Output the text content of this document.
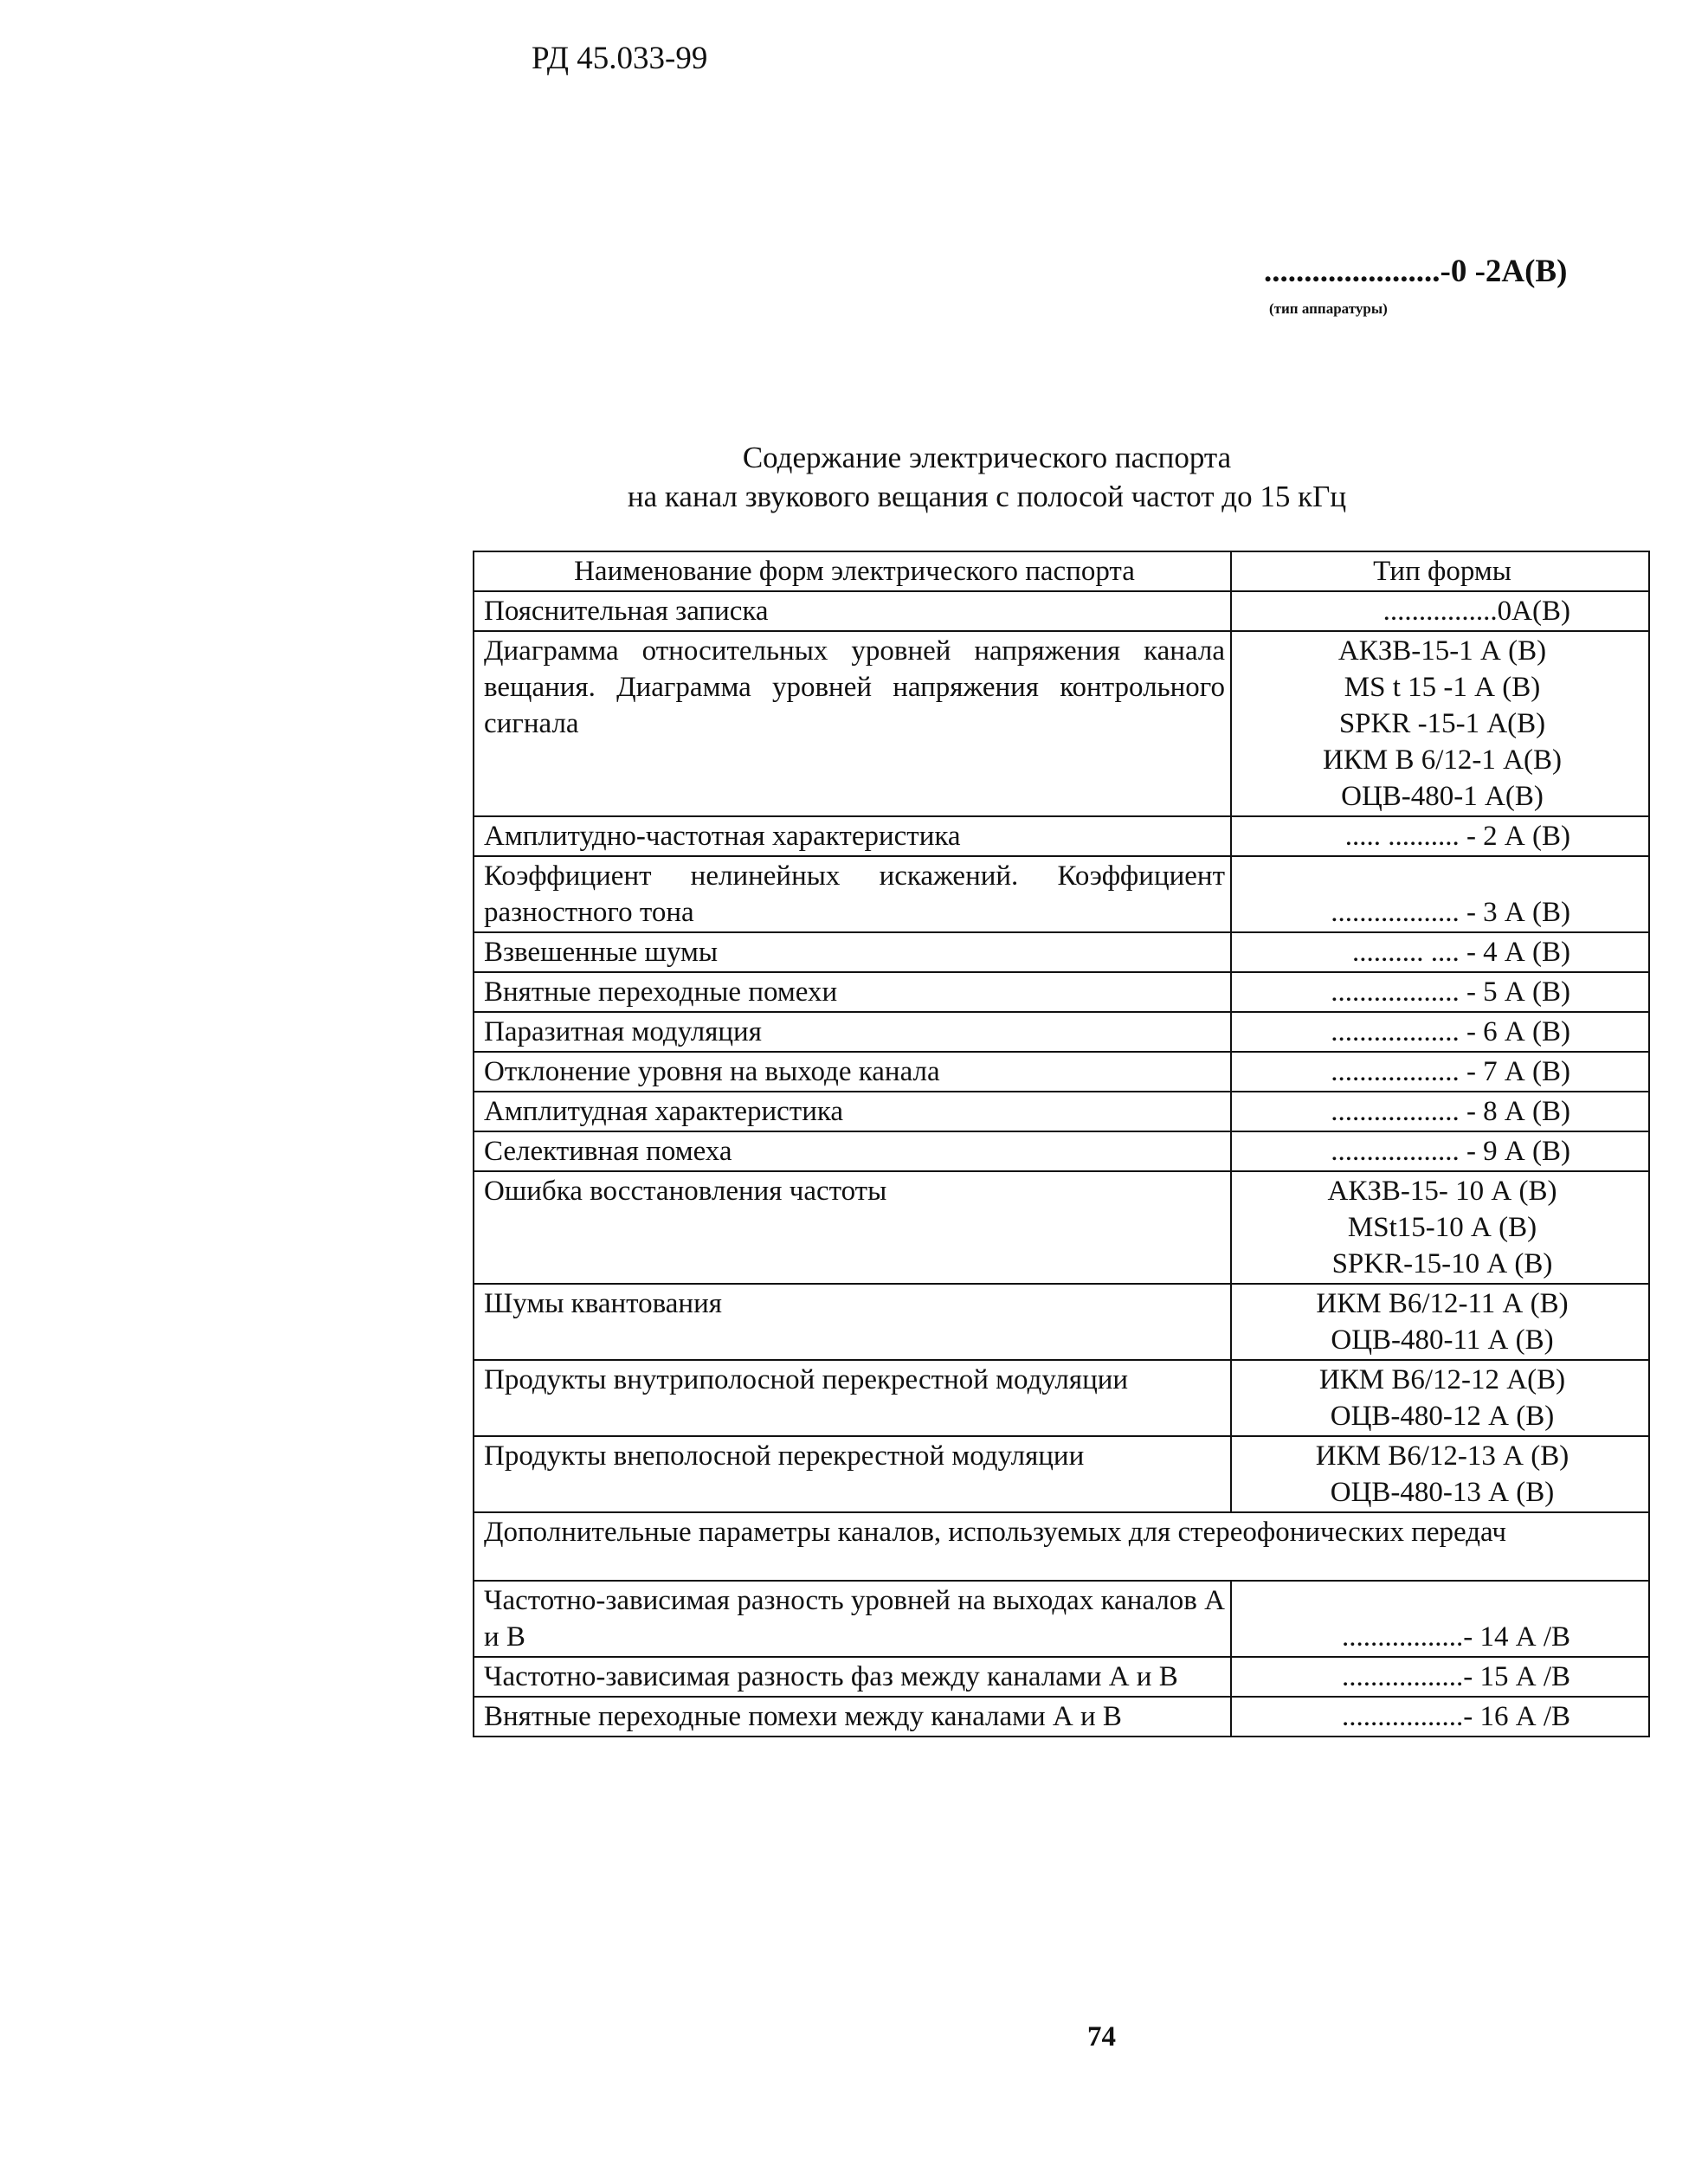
РД 45.033-99
......................-0 -2А(В)
(тип аппаратуры)
Содержание электрического паспорта
на канал звукового вещания с полосой частот до 15 кГц
Наименование форм электрического паспорта	Тип формы
Пояснительная записка	................0А(В)
Диаграмма относительных уровней напряжения канала вещания. Диаграмма уровней напряжения контрольного сигнала	АКЗВ-15-1 А (В)
MS t 15 -1 А (В)
SPKR -15-1 А(В)
ИКМ В 6/12-1 А(В)
ОЦВ-480-1 А(В)

Амплитудно-частотная характеристика	..... .......... - 2 А (В)
Коэффициент нелинейных искажений. Коэффициент разностного тона	.................. - 3 А (В)
Взвешенные шумы	.......... .... - 4 А (В)
Внятные переходные помехи	.................. - 5 А (В)
Паразитная модуляция	.................. - 6 А (В)
Отклонение уровня на выходе канала	.................. - 7 А (В)
Амплитудная характеристика	.................. - 8 А (В)
Селективная помеха	.................. - 9 А (В)
Ошибка восстановления частоты	АКЗВ-15- 10 А (В)
MSt15-10 А (В)
SPKR-15-10 А (В)

Шумы квантования	ИКМ В6/12-11 А (В)
ОЦВ-480-11 А (В)

Продукты внутриполосной перекрестной модуляции	ИКМ В6/12-12 А(В)
ОЦВ-480-12 А (В)

Продукты внеполосной перекрестной модуляции	ИКМ В6/12-13 А (В)
ОЦВ-480-13 А (В)

Дополнительные параметры каналов, используемых для стереофонических передач	
Частотно-зависимая разность уровней на выходах каналов А и В	.................- 14 А /В
Частотно-зависимая разность фаз между каналами А и В	.................- 15 А /В
Внятные переходные помехи между каналами А и В	.................- 16 А /В
74
